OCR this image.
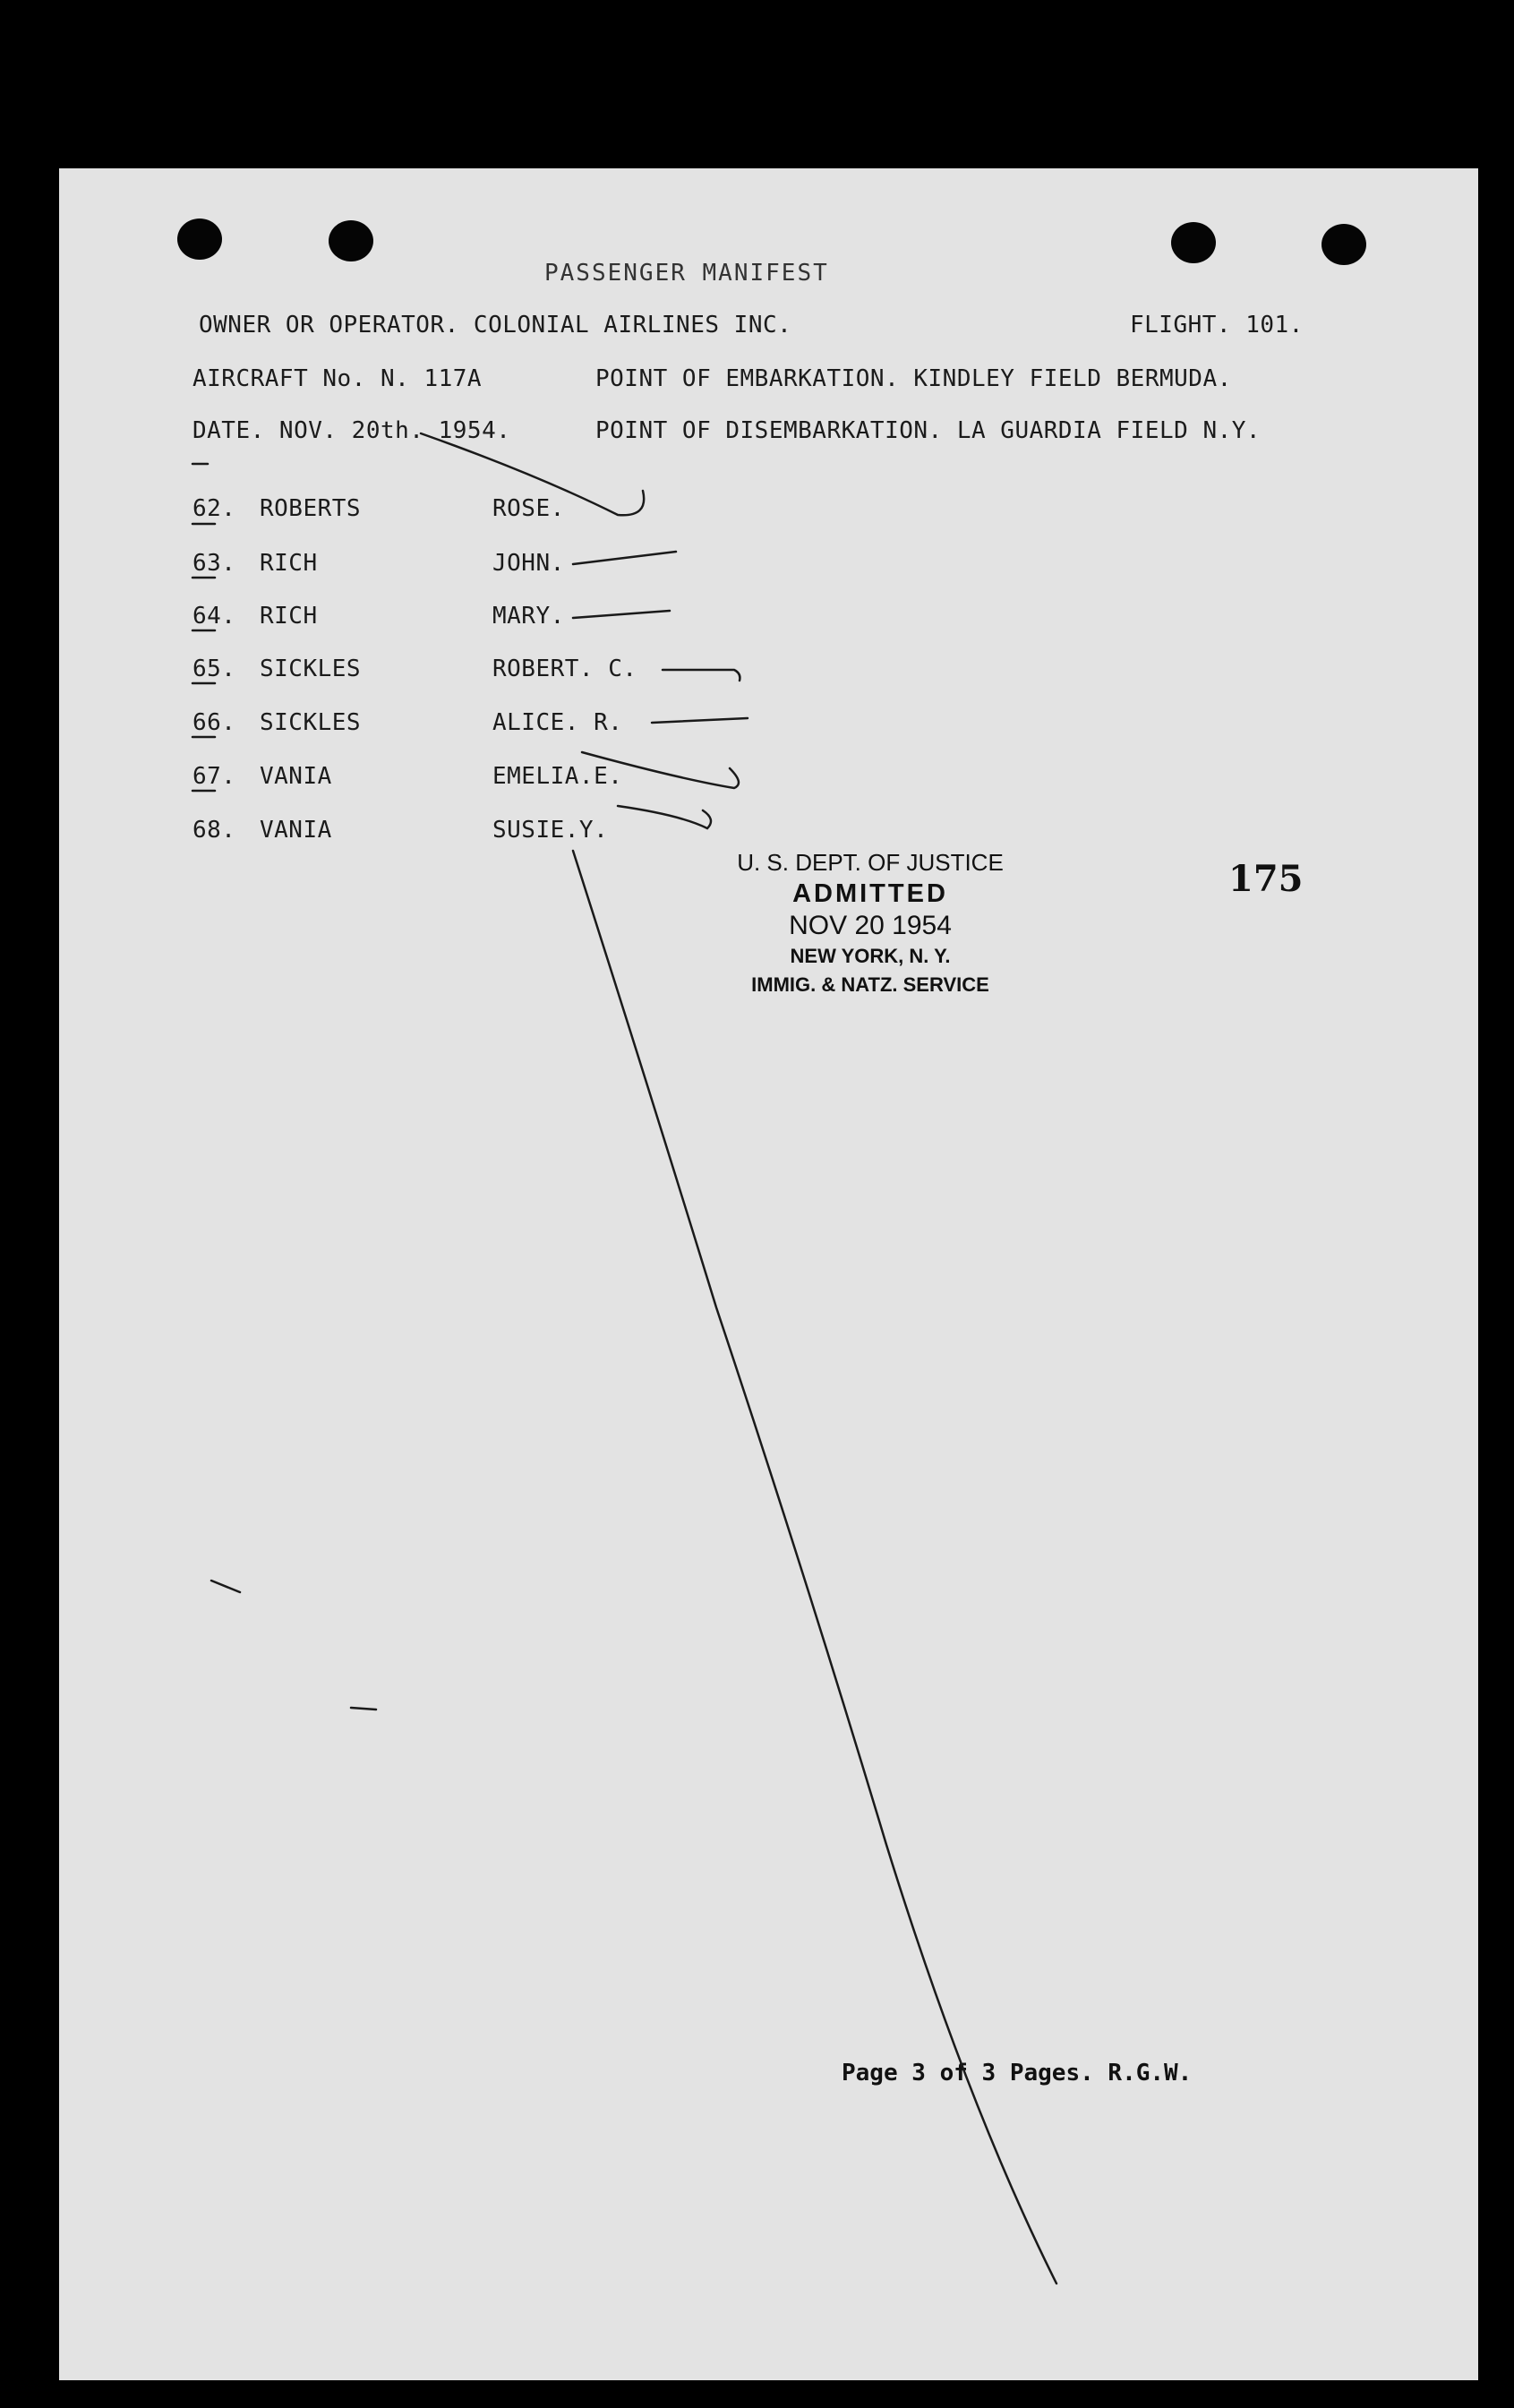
PASSENGER MANIFEST
OWNER OR OPERATOR. COLONIAL AIRLINES INC.	FLIGHT. 101.
AIRCRAFT No. N. 117A	POINT OF EMBARKATION. KINDLEY FIELD BERMUDA.
DATE. NOV. 20th. 1954.	POINT OF DISEMBARKATION. LA GUARDIA FIELD N.Y.
62. ROBERTS	ROSE.
63. RICH	JOHN.
64. RICH	MARY.
65. SICKLES	ROBERT. C.
66. SICKLES	ALICE. R.
67. VANIA	EMELIA.E.
68. VANIA	SUSIE.Y.
U. S. DEPT. OF JUSTICE
ADMITTED
NOV 20 1954
NEW YORK, N. Y.
IMMIG. & NATZ. SERVICE
175
Page 3 of 3 Pages. R.G.W.
